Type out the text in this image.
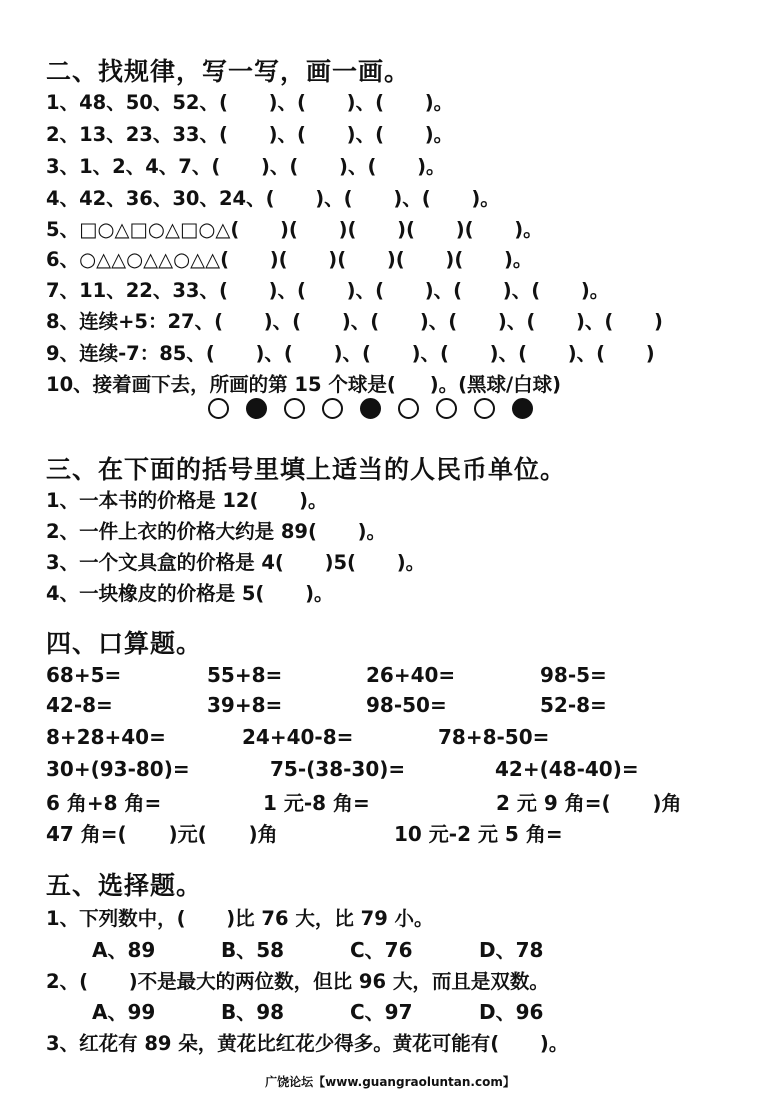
二、找规律，写一写，画一画。
1、48、50、52、(      )、(      )、(      )。
2、13、23、33、(      )、(      )、(      )。
3、1、2、4、7、(      )、(      )、(      )。
4、42、36、30、24、(      )、(      )、(      )。
5、□○△□○△□○△(      )(      )(      )(      )(      )。
6、○△△○△△○△△(      )(      )(      )(      )(      )。
7、11、22、33、(      )、(      )、(      )、(      )、(      )。
8、连续+5：27、(      )、(      )、(      )、(      )、(      )、(      )
9、连续-7：85、(      )、(      )、(      )、(      )、(      )、(      )
10、接着画下去，所画的第 15 个球是(     )。(黑球/白球)
三、在下面的括号里填上适当的人民币单位。
1、一本书的价格是 12(      )。
2、一件上衣的价格大约是 89(      )。
3、一个文具盒的价格是 4(      )5(      )。
4、一块橡皮的价格是 5(      )。
四、口算题。
68+5=	55+8=	26+40=	98-5=
42-8=	39+8=	98-50=	52-8=
8+28+40=	24+40-8=	78+8-50=
30+(93-80)=	75-(38-30)=	42+(48-40)=
6 角+8 角=	1 元-8 角=	2 元 9 角=(      )角
47 角=(      )元(      )角	10 元-2 元 5 角=
五、选择题。
1、下列数中，(      )比 76 大，比 79 小。
A、89	B、58	C、76	D、78
2、(      )不是最大的两位数，但比 96 大，而且是双数。
A、99	B、98	C、97	D、96
3、红花有 89 朵，黄花比红花少得多。黄花可能有(      )。
广饶论坛【www.guangraoluntan.com】
